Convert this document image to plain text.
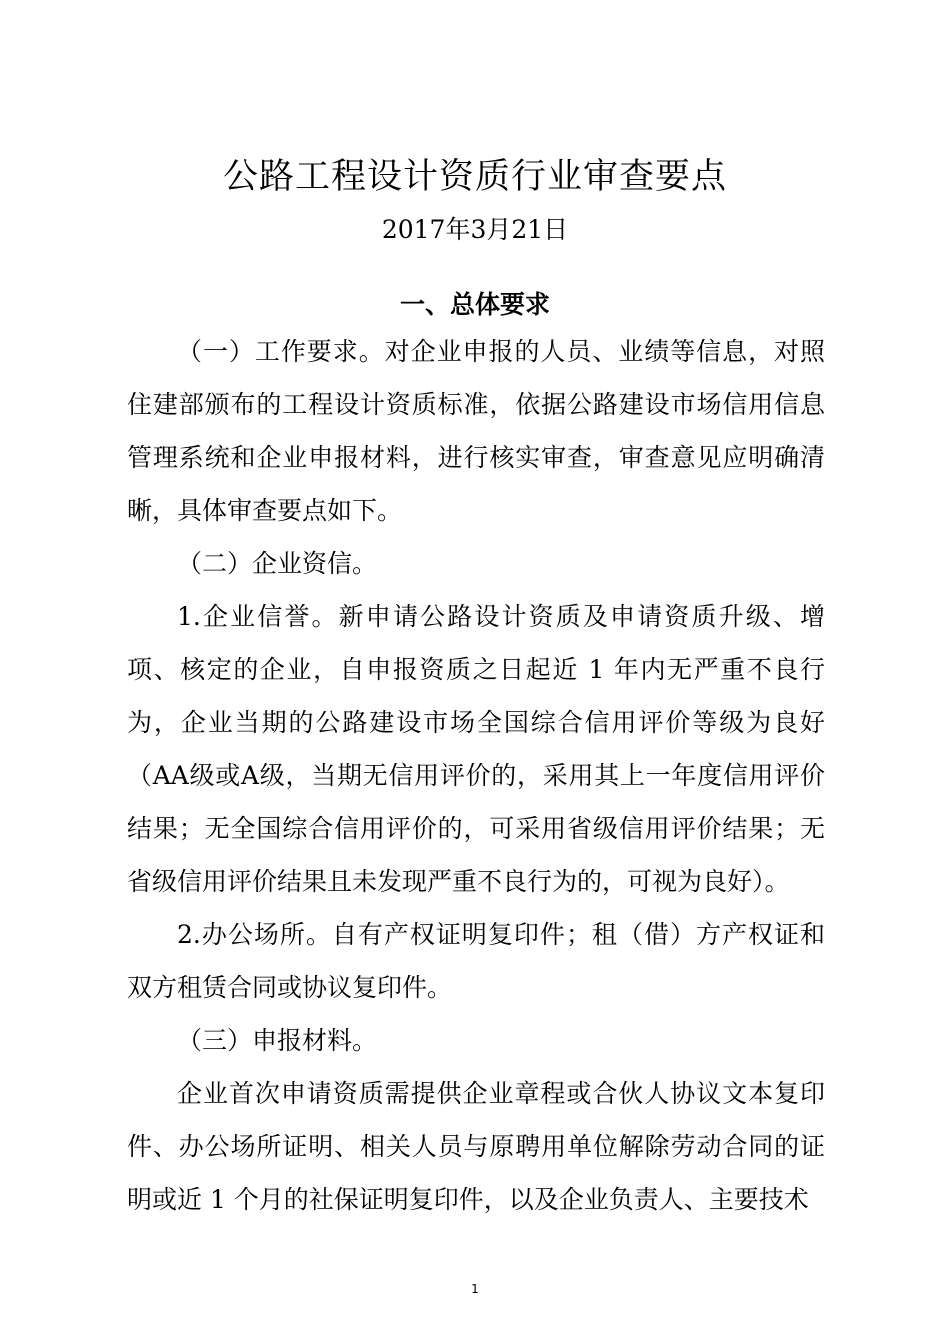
公路工程设计资质行业审查要点
2017年3月21日
一、总体要求

（一）工作要求。对企业申报的人员、业绩等信息，对照住建部颁布的工程设计资质标准，依据公路建设市场信用信息管理系统和企业申报材料，进行核实审查，审查意见应明确清晰，具体审查要点如下。

（二）企业资信。

1.企业信誉。新申请公路设计资质及申请资质升级、增项、核定的企业，自申报资质之日起近 1 年内无严重不良行为，企业当期的公路建设市场全国综合信用评价等级为良好（AA级或A级，当期无信用评价的，采用其上一年度信用评价结果；无全国综合信用评价的，可采用省级信用评价结果；无省级信用评价结果且未发现严重不良行为的，可视为良好）。

2.办公场所。自有产权证明复印件；租（借）方产权证和双方租赁合同或协议复印件。

（三）申报材料。

企业首次申请资质需提供企业章程或合伙人协议文本复印件、办公场所证明、相关人员与原聘用单位解除劳动合同的证明或近 1 个月的社保证明复印件，以及企业负责人、主要技术

1
